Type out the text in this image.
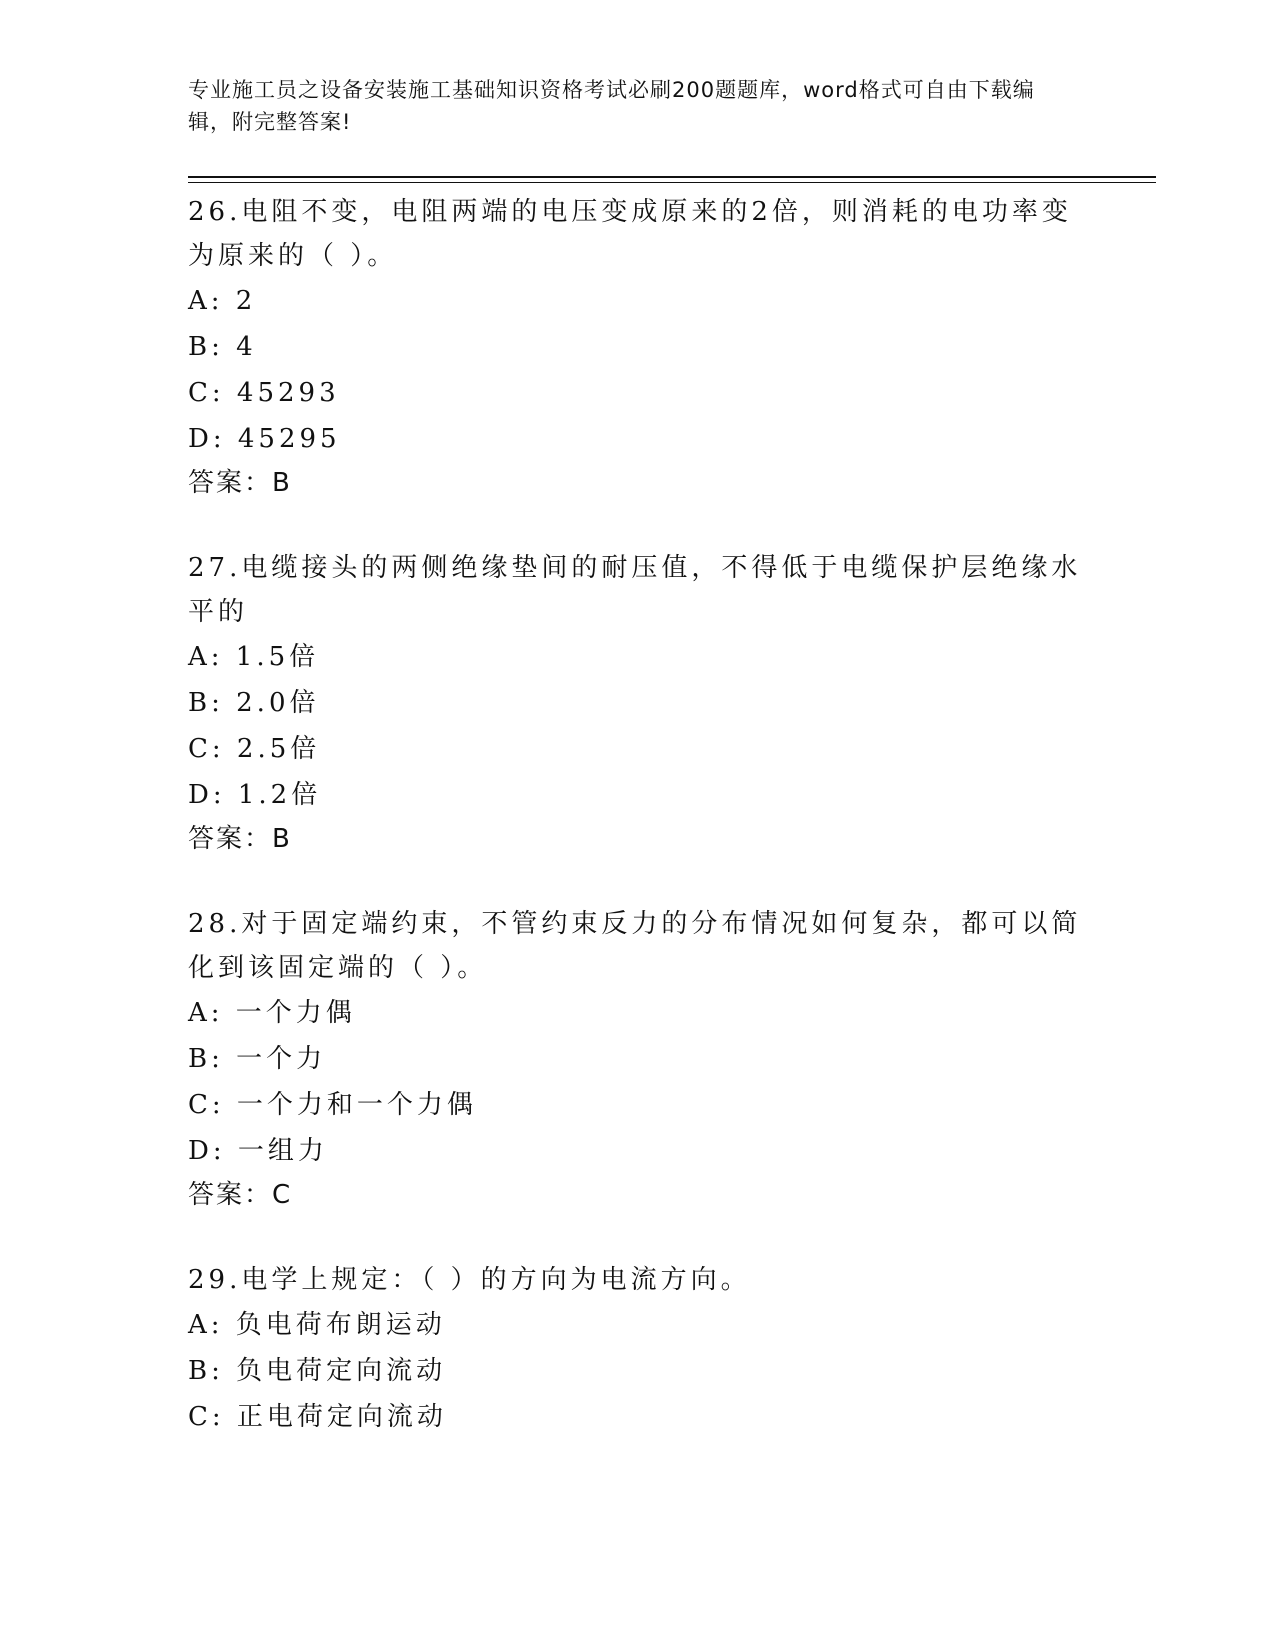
专业施工员之设备安装施工基础知识资格考试必刷200题题库，word格式可自由下载编辑，附完整答案!

26.电阻不变，电阻两端的电压变成原来的2倍，则消耗的电功率变为原来的（ ）。

A: 2

B: 4

C: 45293

D: 45295

答案：B

27.电缆接头的两侧绝缘垫间的耐压值，不得低于电缆保护层绝缘水平的

A: 1.5倍

B: 2.0倍

C: 2.5倍

D: 1.2倍

答案：B

28.对于固定端约束，不管约束反力的分布情况如何复杂，都可以简化到该固定端的（ ）。

A: 一个力偶

B: 一个力

C: 一个力和一个力偶

D: 一组力

答案：C

29.电学上规定：（ ）的方向为电流方向。

A: 负电荷布朗运动

B: 负电荷定向流动

C: 正电荷定向流动
